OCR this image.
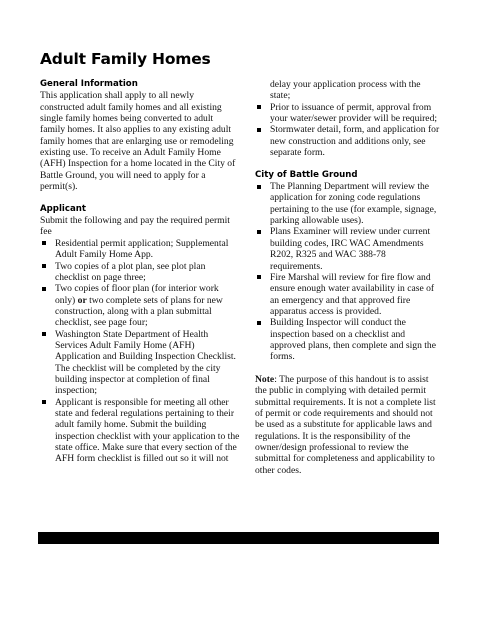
Adult Family Homes
General Information

This application shall apply to all newly constructed adult family homes and all existing single family homes being converted to adult family homes. It also applies to any existing adult family homes that are enlarging use or remodeling existing use. To receive an Adult Family Home (AFH) Inspection for a home located in the City of Battle Ground, you will need to apply for a permit(s).

Applicant

Submit the following and pay the required permit fee

Residential permit application; Supplemental Adult Family Home App.
Two copies of a plot plan, see plot plan checklist on page three;
Two copies of floor plan (for interior work only) or two complete sets of plans for new construction, along with a plan submittal checklist, see page four;
Washington State Department of Health Services Adult Family Home (AFH) Application and Building Inspection Checklist. The checklist will be completed by the city building inspector at completion of final inspection;
Applicant is responsible for meeting all other state and federal regulations pertaining to their adult family home. Submit the building inspection checklist with your application to the state office. Make sure that every section of the AFH form checklist is filled out so it will not

delay your application process with the state;

Prior to issuance of permit, approval from your water/sewer provider will be required;
Stormwater detail, form, and application for new construction and additions only, see separate form.
City of Battle Ground
The Planning Department will review the application for zoning code regulations pertaining to the use (for example, signage, parking allowable uses).
Plans Examiner will review under current building codes, IRC WAC Amendments R202, R325 and WAC 388-78 requirements.
Fire Marshal will review for fire flow and ensure enough water availability in case of an emergency and that approved fire apparatus access is provided.
Building Inspector will conduct the inspection based on a checklist and approved plans, then complete and sign the forms.

Note: The purpose of this handout is to assist the public in complying with detailed permit submittal requirements. It is not a complete list of permit or code requirements and should not be used as a substitute for applicable laws and regulations. It is the responsibility of the owner/design professional to review the submittal for completeness and applicability to other codes.
